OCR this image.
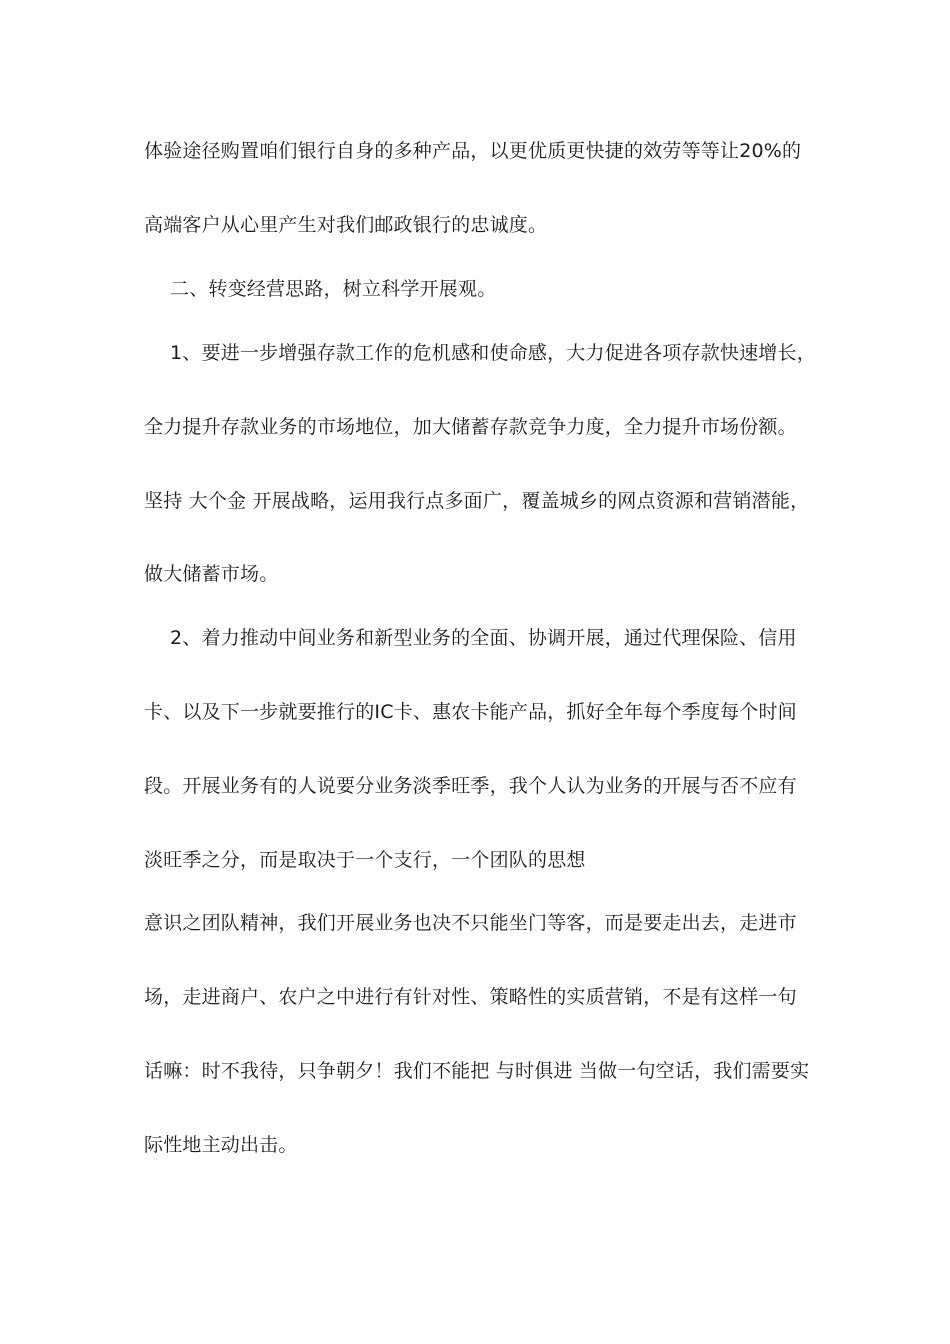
体验途径购置咱们银行自身的多种产品，以更优质更快捷的效劳等等让20%的
高端客户从心里产生对我们邮政银行的忠诚度。
二、转变经营思路，树立科学开展观。
1、要进一步增强存款工作的危机感和使命感，大力促进各项存款快速增长，
全力提升存款业务的市场地位，加大储蓄存款竞争力度，全力提升市场份额。
坚持 大个金 开展战略，运用我行点多面广，覆盖城乡的网点资源和营销潜能，
做大储蓄市场。
2、着力推动中间业务和新型业务的全面、协调开展，通过代理保险、信用
卡、以及下一步就要推行的IC卡、惠农卡能产品，抓好全年每个季度每个时间
段。开展业务有的人说要分业务淡季旺季，我个人认为业务的开展与否不应有
淡旺季之分，而是取决于一个支行，一个团队的思想
意识之团队精神，我们开展业务也决不只能坐门等客，而是要走出去，走进市
场，走进商户、农户之中进行有针对性、策略性的实质营销，不是有这样一句
话嘛：时不我待，只争朝夕！我们不能把 与时俱进 当做一句空话，我们需要实
际性地主动出击。
